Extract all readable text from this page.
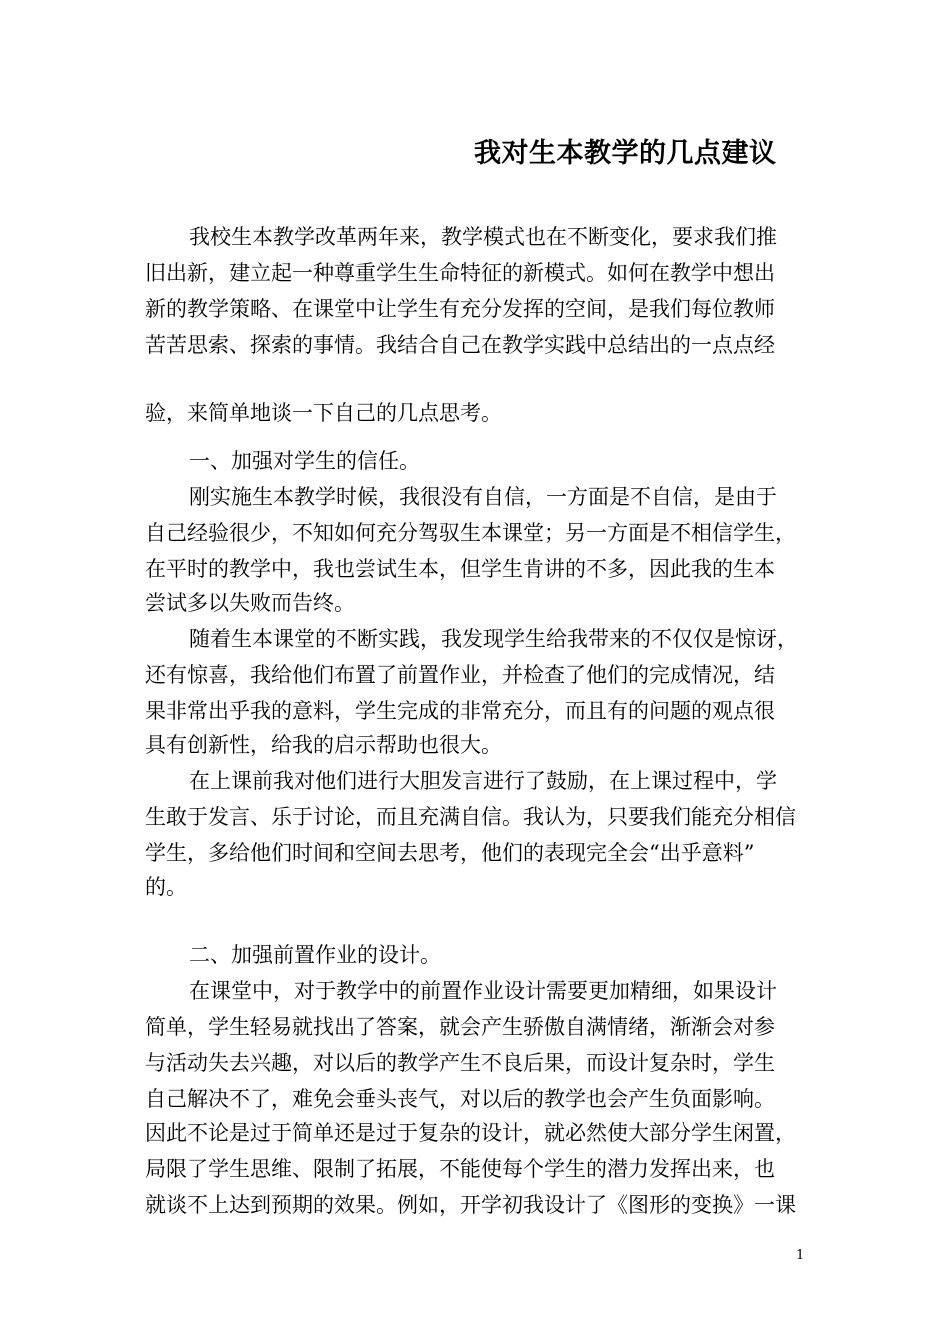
我对生本教学的几点建议

我校生本教学改革两年来，教学模式也在不断变化，要求我们推

旧出新，建立起一种尊重学生生命特征的新模式。如何在教学中想出

新的教学策略、在课堂中让学生有充分发挥的空间，是我们每位教师

苦苦思索、探索的事情。我结合自己在教学实践中总结出的一点点经

验，来简单地谈一下自己的几点思考。

一、加强对学生的信任。

刚实施生本教学时候，我很没有自信，一方面是不自信，是由于

自己经验很少，不知如何充分驾驭生本课堂；另一方面是不相信学生，

在平时的教学中，我也尝试生本，但学生肯讲的不多，因此我的生本

尝试多以失败而告终。

随着生本课堂的不断实践，我发现学生给我带来的不仅仅是惊讶，

还有惊喜，我给他们布置了前置作业，并检查了他们的完成情况，结

果非常出乎我的意料，学生完成的非常充分，而且有的问题的观点很

具有创新性，给我的启示帮助也很大。

在上课前我对他们进行大胆发言进行了鼓励，在上课过程中，学

生敢于发言、乐于讨论，而且充满自信。我认为，只要我们能充分相信

学生，多给他们时间和空间去思考，他们的表现完全会“出乎意料”

的。

二、加强前置作业的设计。

在课堂中，对于教学中的前置作业设计需要更加精细，如果设计

简单，学生轻易就找出了答案，就会产生骄傲自满情绪，渐渐会对参

与活动失去兴趣，对以后的教学产生不良后果，而设计复杂时，学生

自己解决不了，难免会垂头丧气，对以后的教学也会产生负面影响。

因此不论是过于简单还是过于复杂的设计，就必然使大部分学生闲置，

局限了学生思维、限制了拓展，不能使每个学生的潜力发挥出来，也

就谈不上达到预期的效果。例如，开学初我设计了《图形的变换》一课

1
